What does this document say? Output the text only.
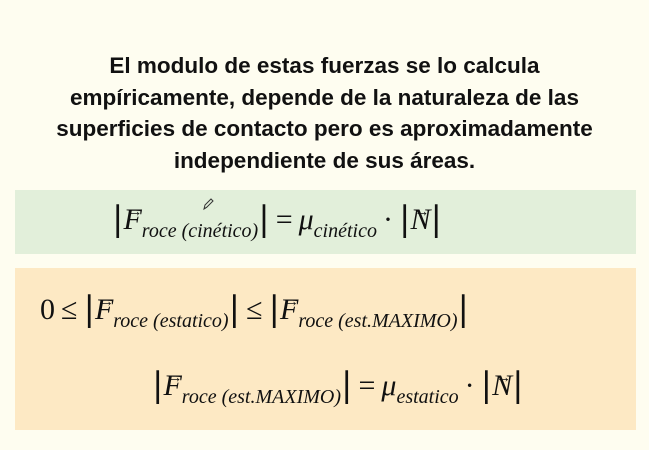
El modulo de estas fuerzas se lo calcula
empíricamente, depende de la naturaleza de las
superficies de contacto pero es aproximadamente
independiente de sus áreas.
|→ $F_{roce (cinético)}| = \mu_{cinético}$ · |→ N|
0 ≤ |→ $F_{roce (estatico)}|$ ≤ |→ $F_{roce (est.MAXIMO)}|$
|→ $F_{roce (est.MAXIMO)}| = \mu_{estatico}$ · |→ N|
